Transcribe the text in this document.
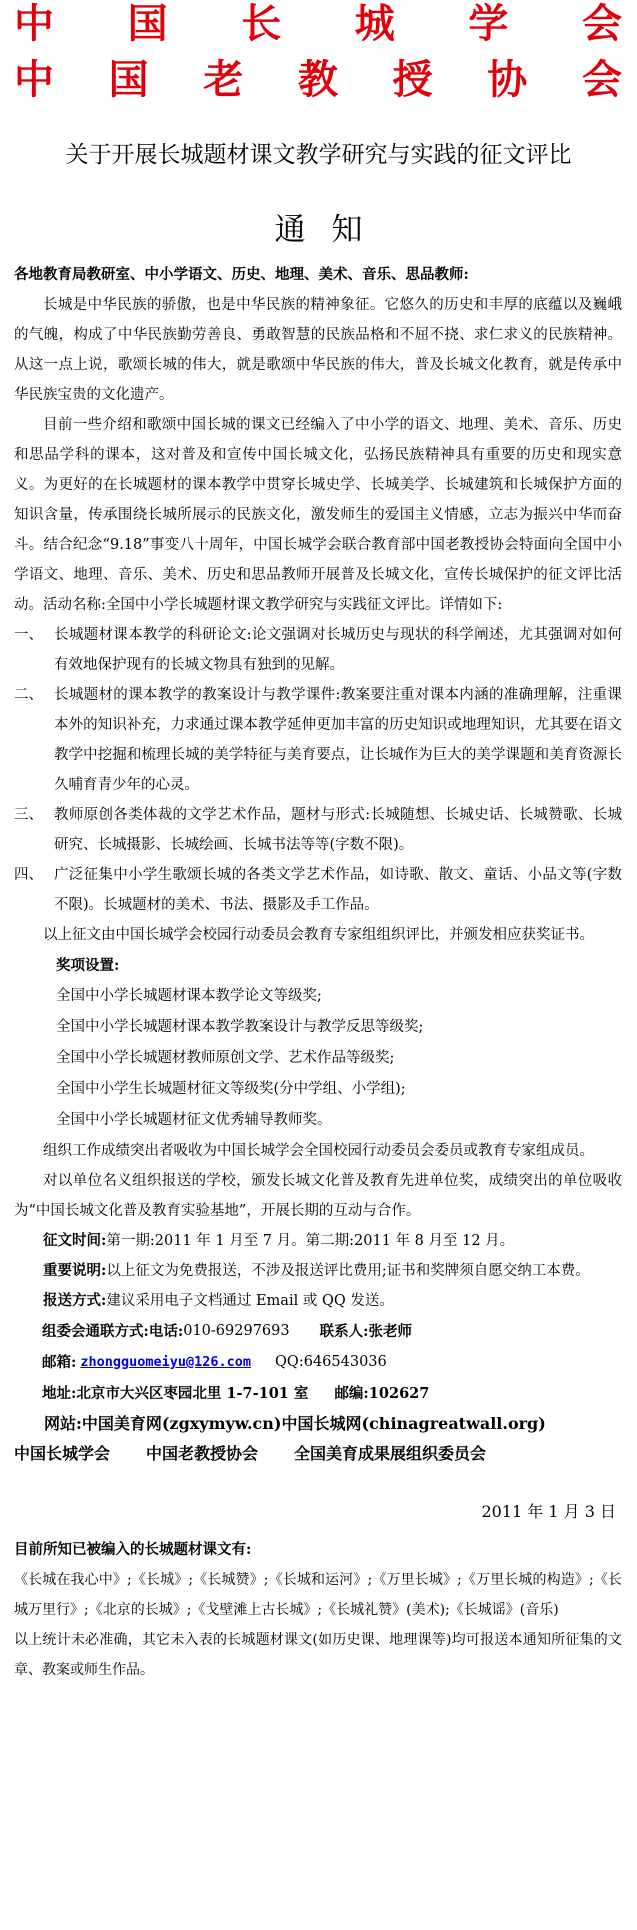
中 国 长 城 学 会
中 国 老 教 授 协 会
关于开展长城题材课文教学研究与实践的征文评比
通知

各地教育局教研室、中小学语文、历史、地理、美术、音乐、思品教师:

长城是中华民族的骄傲，也是中华民族的精神象征。它悠久的历史和丰厚的底蕴以及巍峨的气魄，构成了中华民族勤劳善良、勇敢智慧的民族品格和不屈不挠、求仁求义的民族精神。从这一点上说，歌颂长城的伟大，就是歌颂中华民族的伟大，普及长城文化教育，就是传承中华民族宝贵的文化遗产。

目前一些介绍和歌颂中国长城的课文已经编入了中小学的语文、地理、美术、音乐、历史和思品学科的课本，这对普及和宣传中国长城文化，弘扬民族精神具有重要的历史和现实意义。为更好的在长城题材的课本教学中贯穿长城史学、长城美学、长城建筑和长城保护方面的知识含量，传承围绕长城所展示的民族文化，激发师生的爱国主义情感，立志为振兴中华而奋斗。结合纪念“9.18”事变八十周年，中国长城学会联合教育部中国老教授协会特面向全国中小学语文、地理、音乐、美术、历史和思品教师开展普及长城文化，宣传长城保护的征文评比活动。活动名称:全国中小学长城题材课文教学研究与实践征文评比。详情如下:

一、 长城题材课本教学的科研论文:论文强调对长城历史与现状的科学阐述，尤其强调对如何有效地保护现有的长城文物具有独到的见解。
二、 长城题材的课本教学的教案设计与教学课件:教案要注重对课本内涵的准确理解，注重课本外的知识补充，力求通过课本教学延伸更加丰富的历史知识或地理知识，尤其要在语文教学中挖掘和梳理长城的美学特征与美育要点，让长城作为巨大的美学课题和美育资源长久哺育青少年的心灵。
三、 教师原创各类体裁的文学艺术作品，题材与形式:长城随想、长城史话、长城赞歌、长城研究、长城摄影、长城绘画、长城书法等等(字数不限)。
四、 广泛征集中小学生歌颂长城的各类文学艺术作品，如诗歌、散文、童话、小品文等(字数不限)。长城题材的美术、书法、摄影及手工作品。

以上征文由中国长城学会校园行动委员会教育专家组组织评比，并颁发相应获奖证书。

奖项设置:

全国中小学长城题材课本教学论文等级奖;

全国中小学长城题材课本教学教案设计与教学反思等级奖;

全国中小学长城题材教师原创文学、艺术作品等级奖;

全国中小学生长城题材征文等级奖(分中学组、小学组);

全国中小学长城题材征文优秀辅导教师奖。

组织工作成绩突出者吸收为中国长城学会全国校园行动委员会委员或教育专家组成员。

对以单位名义组织报送的学校，颁发长城文化普及教育先进单位奖，成绩突出的单位吸收为“中国长城文化普及教育实验基地”，开展长期的互动与合作。

征文时间:第一期:2011 年 1 月至 7 月。第二期:2011 年 8 月至 12 月。

重要说明:以上征文为免费报送，不涉及报送评比费用;证书和奖牌须自愿交纳工本费。

报送方式:建议采用电子文档通过 Email 或 QQ 发送。

组委会通联方式: 电话: 010-69297693 联系人: 张老师
邮箱: zhongguomeiyu@126.com QQ: 646543036
地址: 北京市大兴区枣园北里 1-7-101 室 邮编: 102627
网站:中国美育网(zgxymyw.cn)中国长城网(chinagreatwall.org)
中国长城学会 中国老教授协会 全国美育成果展组织委员会
2011 年 1 月 3 日

目前所知已被编入的长城题材课文有:

《长城在我心中》;《长城》;《长城赞》;《长城和运河》;《万里长城》;《万里长城的构造》;《长城万里行》;《北京的长城》;《戈壁滩上古长城》;《长城礼赞》(美术);《长城谣》(音乐)

以上统计未必准确，其它未入表的长城题材课文(如历史课、地理课等)均可报送本通知所征集的文章、教案或师生作品。
